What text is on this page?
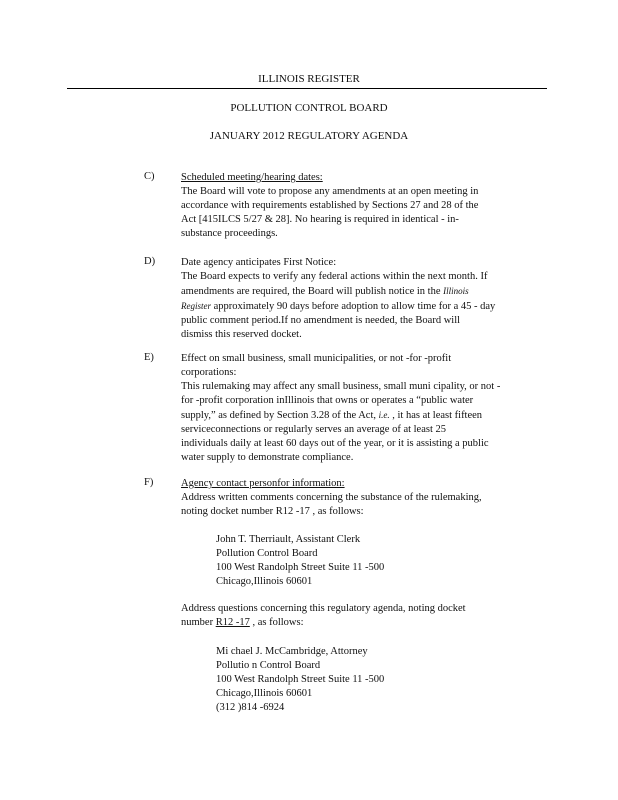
ILLINOIS REGISTER
POLLUTION CONTROL BOARD
JANUARY 2012 REGULATORY AGENDA
C)	Scheduled meeting/hearing dates:
The Board will vote to propose any amendments at an open meeting in
accordance with requirements established by Sections 27 and 28 of the
Act [415ILCS 5/27 & 28]. No hearing is required in identical - in-
substance proceedings.
D) Date agency anticipates First Notice:
The Board expects to verify any federal actions within the next month. If
amendments are required, the Board will publish notice in the Illinois
Register approximately 90 days before adoption to allow time for a 45 - day
public comment period.If no amendment is needed, the Board will
dismiss this reserved docket.
E)	Effect on small business, small municipalities, or not -for -profit
corporations:
This rulemaking may affect any small business, small muni cipality, or not -
for -profit corporation inIllinois that owns or operates a “public water
supply,” as defined by Section 3.28 of the Act, i.e. , it has at least fifteen
serviceconnections or regularly serves an average of at least 25
individuals daily at least 60 days out of the year, or it is assisting a public
water supply to demonstrate compliance.
F)	Agency contact personfor information:
Address written comments concerning the substance of the rulemaking,
noting docket number R12 -17 , as follows:
John T. Therriault, Assistant Clerk
Pollution Control Board
100 West Randolph Street Suite 11 -500
Chicago,Illinois 60601
Address questions concerning this regulatory agenda, noting docket
number R12 -17 , as follows:
Mi chael J. McCambridge, Attorney
Pollutio n Control Board
100 West Randolph Street Suite 11 -500
Chicago,Illinois 60601
(312 )814 -6924
